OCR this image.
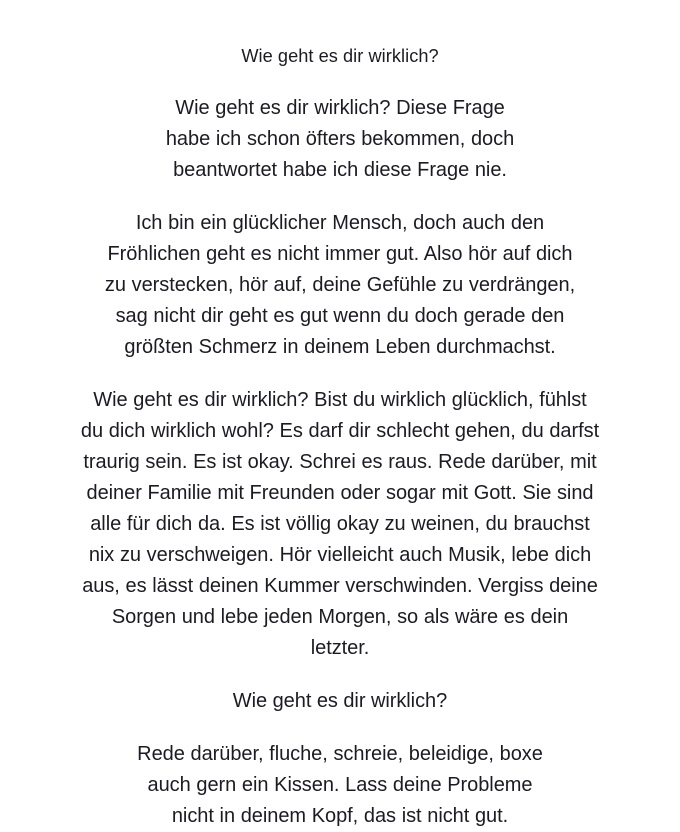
Wie geht es dir wirklich?

Wie geht es dir wirklich? Diese Frage habe ich schon öfters bekommen, doch beantwortet habe ich diese Frage nie.

Ich bin ein glücklicher Mensch, doch auch den Fröhlichen geht es nicht immer gut. Also hör auf dich zu verstecken, hör auf, deine Gefühle zu verdrängen, sag nicht dir geht es gut wenn du doch gerade den größten Schmerz in deinem Leben durchmachst.

Wie geht es dir wirklich? Bist du wirklich glücklich, fühlst du dich wirklich wohl? Es darf dir schlecht gehen, du darfst traurig sein. Es ist okay. Schrei es raus. Rede darüber, mit deiner Familie mit Freunden oder sogar mit Gott. Sie sind alle für dich da. Es ist völlig okay zu weinen, du brauchst nix zu verschweigen. Hör vielleicht auch Musik, lebe dich aus, es lässt deinen Kummer verschwinden. Vergiss deine Sorgen und lebe jeden Morgen, so als wäre es dein letzter.

Wie geht es dir wirklich?

Rede darüber, fluche, schreie, beleidige, boxe auch gern ein Kissen. Lass deine Probleme nicht in deinem Kopf, das ist nicht gut.
